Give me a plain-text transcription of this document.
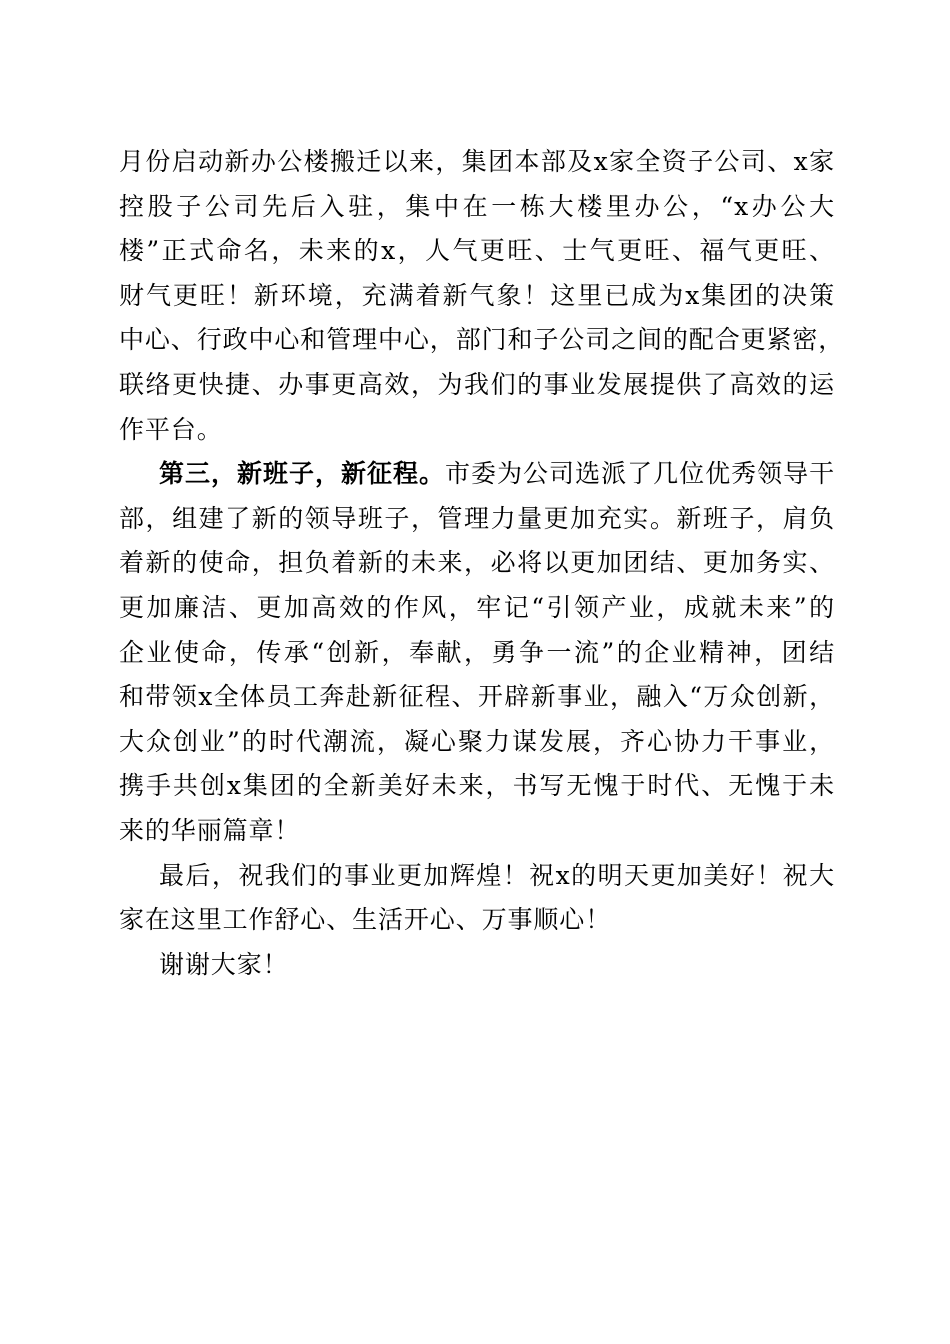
月份启动新办公楼搬迁以来，集团本部及x家全资子公司、x家
控股子公司先后入驻，集中在一栋大楼里办公，“x办公大
楼”正式命名，未来的x，人气更旺、士气更旺、福气更旺、
财气更旺！新环境，充满着新气象！这里已成为x集团的决策
中心、行政中心和管理中心，部门和子公司之间的配合更紧密，
联络更快捷、办事更高效，为我们的事业发展提供了高效的运
作平台。
第三，新班子，新征程。市委为公司选派了几位优秀领导干
部，组建了新的领导班子，管理力量更加充实。新班子，肩负
着新的使命，担负着新的未来，必将以更加团结、更加务实、
更加廉洁、更加高效的作风，牢记“引领产业，成就未来”的
企业使命，传承“创新，奉献，勇争一流”的企业精神，团结
和带领x全体员工奔赴新征程、开辟新事业，融入“万众创新，
大众创业”的时代潮流，凝心聚力谋发展，齐心协力干事业，
携手共创x集团的全新美好未来，书写无愧于时代、无愧于未
来的华丽篇章！
最后，祝我们的事业更加辉煌！祝x的明天更加美好！祝大
家在这里工作舒心、生活开心、万事顺心！
谢谢大家！
